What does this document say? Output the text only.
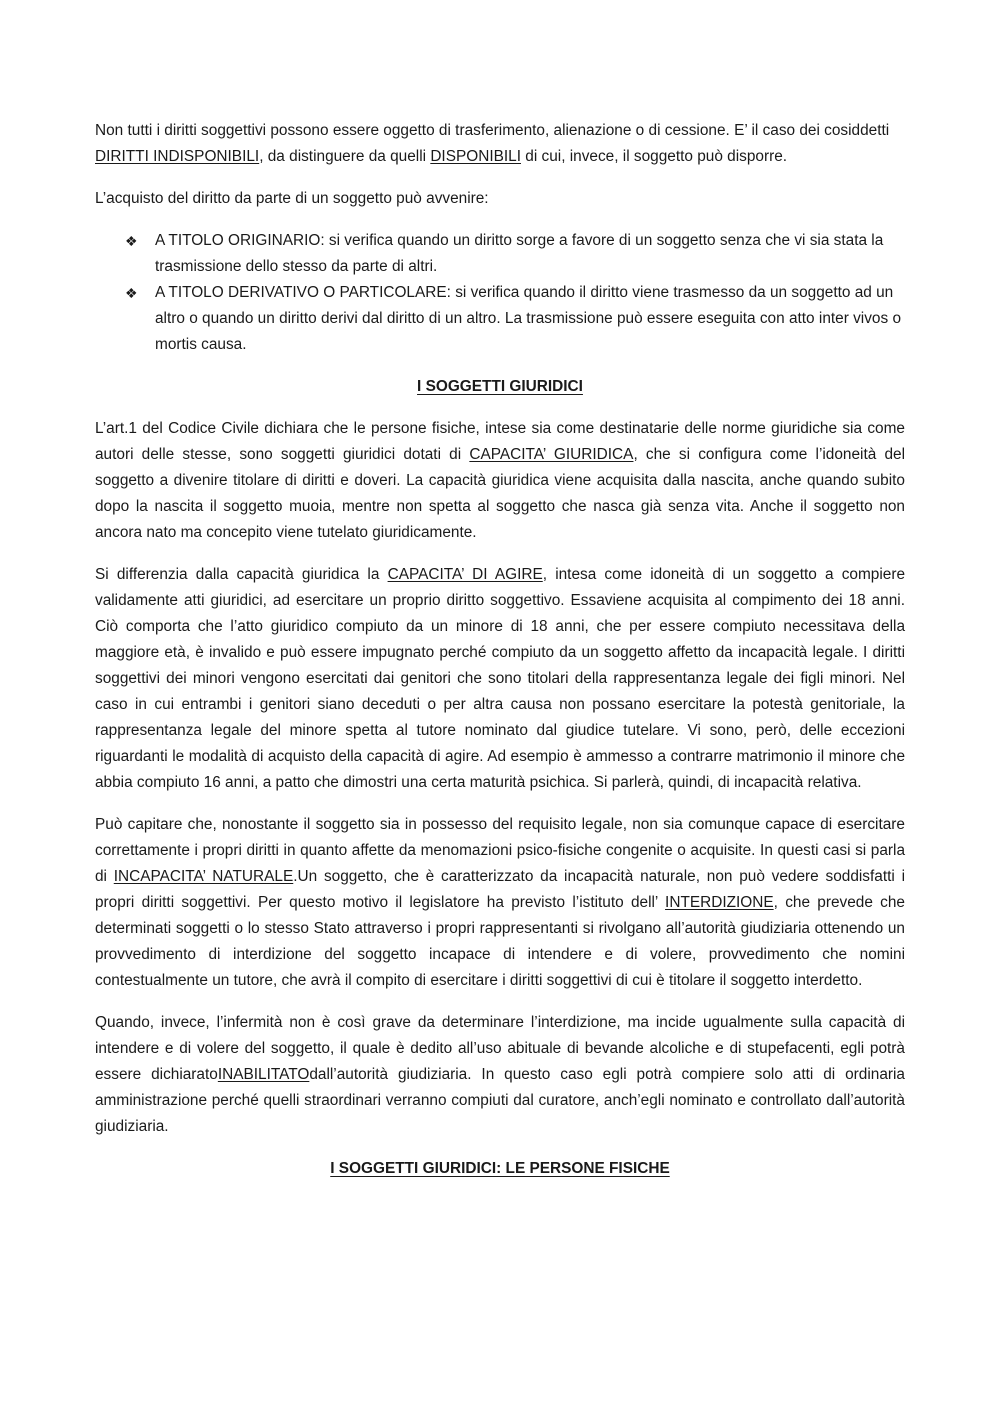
Non tutti i diritti soggettivi possono essere oggetto di trasferimento, alienazione o di cessione. E’ il caso dei cosiddetti DIRITTI INDISPONIBILI, da distinguere da quelli DISPONIBILI di cui, invece, il soggetto può disporre.

L’acquisto del diritto da parte di un soggetto può avvenire:

❖ A TITOLO ORIGINARIO: si verifica quando un diritto sorge a favore di un soggetto senza che vi sia stata la trasmissione dello stesso da parte di altri.
❖ A TITOLO DERIVATIVO O PARTICOLARE: si verifica quando il diritto viene trasmesso da un soggetto ad un altro o quando un diritto derivi dal diritto di un altro. La trasmissione può essere eseguita con atto inter vivos o mortis causa.
I SOGGETTI GIURIDICI

L’art.1 del Codice Civile dichiara che le persone fisiche, intese sia come destinatarie delle norme giuridiche sia come autori delle stesse, sono soggetti giuridici dotati di CAPACITA’ GIURIDICA, che si configura come l’idoneità del soggetto a divenire titolare di diritti e doveri. La capacità giuridica viene acquisita dalla nascita, anche quando subito dopo la nascita il soggetto muoia, mentre non spetta al soggetto che nasca già senza vita. Anche il soggetto non ancora nato ma concepito viene tutelato giuridicamente.

Si differenzia dalla capacità giuridica la CAPACITA’ DI AGIRE, intesa come idoneità di un soggetto a compiere validamente atti giuridici, ad esercitare un proprio diritto soggettivo. Essaviene acquisita al compimento dei 18 anni. Ciò comporta che l’atto giuridico compiuto da un minore di 18 anni, che per essere compiuto necessitava della maggiore età, è invalido e può essere impugnato perché compiuto da un soggetto affetto da incapacità legale. I diritti soggettivi dei minori vengono esercitati dai genitori che sono titolari della rappresentanza legale dei figli minori. Nel caso in cui entrambi i genitori siano deceduti o per altra causa non possano esercitare la potestà genitoriale, la rappresentanza legale del minore spetta al tutore nominato dal giudice tutelare. Vi sono, però, delle eccezioni riguardanti le modalità di acquisto della capacità di agire. Ad esempio è ammesso a contrarre matrimonio il minore che abbia compiuto 16 anni, a patto che dimostri una certa maturità psichica. Si parlerà, quindi, di incapacità relativa.

Può capitare che, nonostante il soggetto sia in possesso del requisito legale, non sia comunque capace di esercitare correttamente i propri diritti in quanto affette da menomazioni psico-fisiche congenite o acquisite. In questi casi si parla di INCAPACITA’ NATURALE.Un soggetto, che è caratterizzato da incapacità naturale, non può vedere soddisfatti i propri diritti soggettivi. Per questo motivo il legislatore ha previsto l’istituto dell’ INTERDIZIONE, che prevede che determinati soggetti o lo stesso Stato attraverso i propri rappresentanti si rivolgano all’autorità giudiziaria ottenendo un provvedimento di interdizione del soggetto incapace di intendere e di volere, provvedimento che nomini contestualmente un tutore, che avrà il compito di esercitare i diritti soggettivi di cui è titolare il soggetto interdetto.

Quando, invece, l’infermità non è così grave da determinare l’interdizione, ma incide ugualmente sulla capacità di intendere e di volere del soggetto, il quale è dedito all’uso abituale di bevande alcoliche e di stupefacenti, egli potrà essere dichiaratoINABILITATOdall’autorità giudiziaria. In questo caso egli potrà compiere solo atti di ordinaria amministrazione perché quelli straordinari verranno compiuti dal curatore, anch’egli nominato e controllato dall’autorità giudiziaria.

I SOGGETTI GIURIDICI: LE PERSONE FISICHE
